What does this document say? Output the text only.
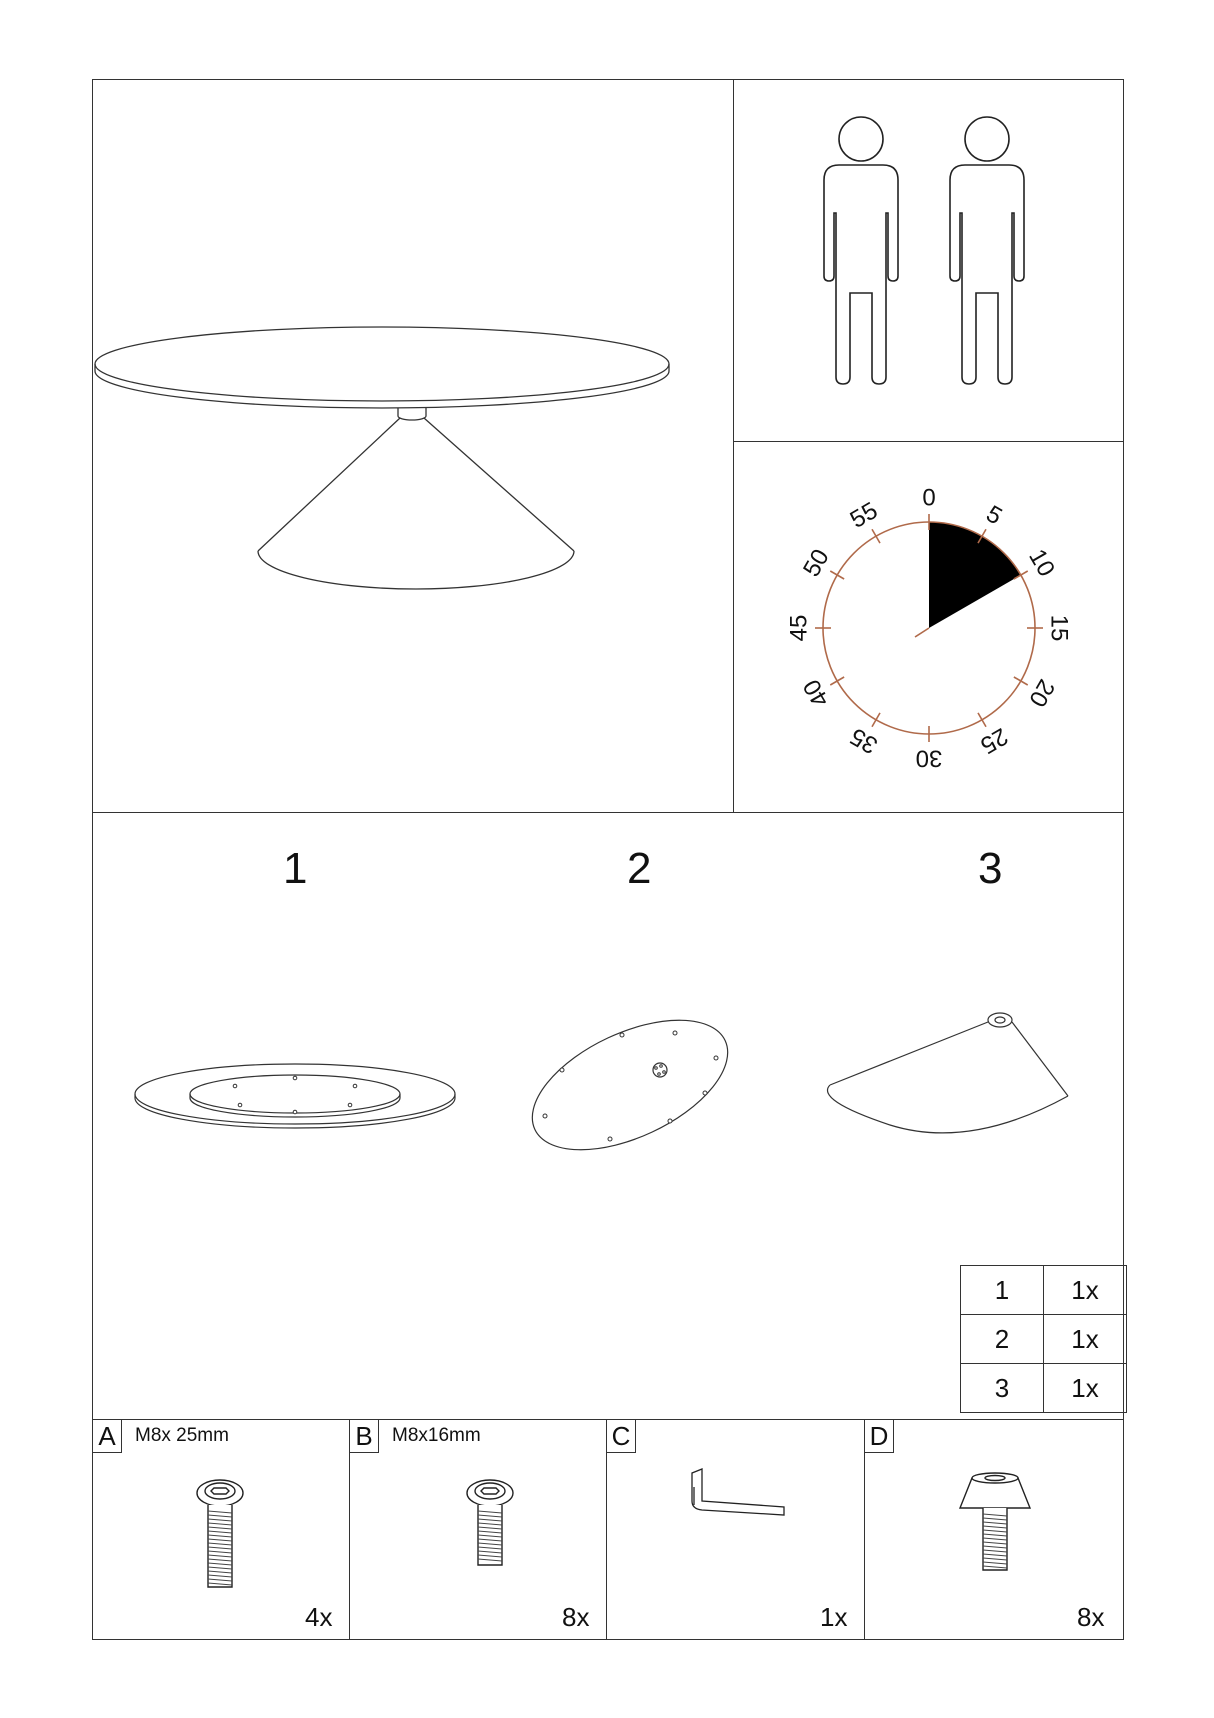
0
5
10
15
20
25
30
35
40
45
50
55
1	2	3
1	1x
2	1x
3	1x
A	B	C	D
M8x 25mm	M8x16mm
4x	8x	1x	8x
